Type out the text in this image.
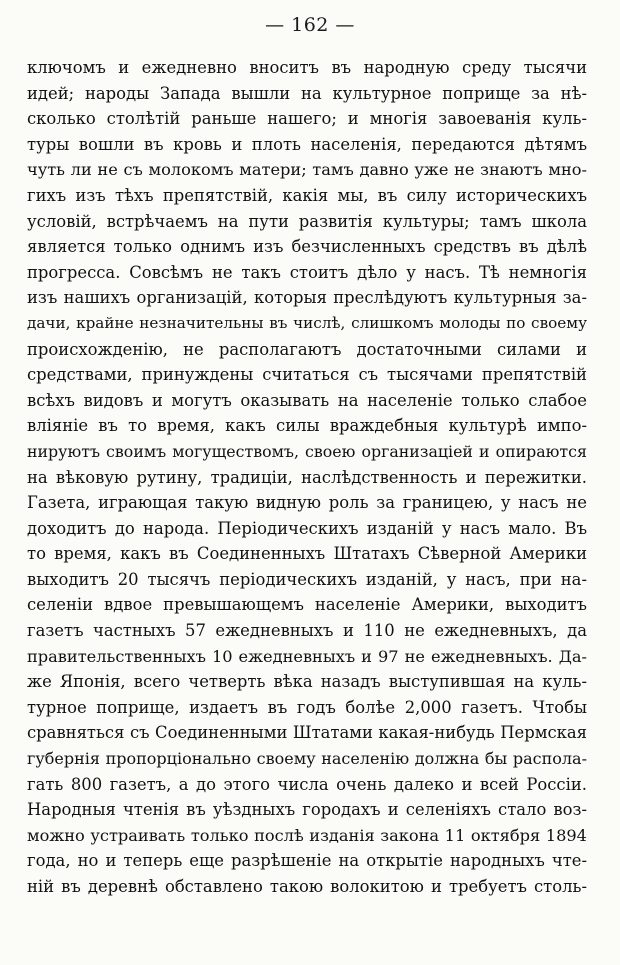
— 162 —
ключомъ и ежедневно вноситъ въ народную среду тысячи
идей; народы Запада вышли на культурное поприще за нѣ-
сколько столѣтій раньше нашего; и многія завоеванія куль-
туры вошли въ кровь и плоть населенія, передаются дѣтямъ
чуть ли не съ молокомъ матери; тамъ давно уже не знаютъ мно-
гихъ изъ тѣхъ препятствій, какія мы, въ силу историческихъ
условій, встрѣчаемъ на пути развитія культуры; тамъ школа
является только однимъ изъ безчисленныхъ средствъ въ дѣлѣ
прогресса. Совсѣмъ не такъ стоитъ дѣло у насъ. Тѣ немногія
изъ нашихъ организацій, которыя преслѣдуютъ культурныя за-
дачи, крайне незначительны въ числѣ, слишкомъ молоды по своему
происхожденію, не располагаютъ достаточными силами и
средствами, принуждены считаться съ тысячами препятствій
всѣхъ видовъ и могутъ оказывать на населеніе только слабое
вліяніе въ то время, какъ силы враждебныя культурѣ импо-
нируютъ своимъ могуществомъ, своею организаціей и опираются
на вѣковую рутину, традиціи, наслѣдственность и пережитки.
Газета, играющая такую видную роль за границею, у насъ не
доходитъ до народа. Періодическихъ изданій у насъ мало. Въ
то время, какъ въ Соединенныхъ Штатахъ Сѣверной Америки
выходитъ 20 тысячъ періодическихъ изданій, у насъ, при на-
селеніи вдвое превышающемъ населеніе Америки, выходитъ
газетъ частныхъ 57 ежедневныхъ и 110 не ежедневныхъ, да
правительственныхъ 10 ежедневныхъ и 97 не ежедневныхъ. Да-
же Японія, всего четверть вѣка назадъ выступившая на куль-
турное поприще, издаетъ въ годъ болѣе 2,000 газетъ. Чтобы
сравняться съ Соединенными Штатами какая-нибудь Пермская
губернія пропорціонально своему населенію должна бы распола-
гать 800 газетъ, а до этого числа очень далеко и всей Россіи.
Народныя чтенія въ уѣздныхъ городахъ и селеніяхъ стало воз-
можно устраивать только послѣ изданія закона 11 октября 1894
года, но и теперь еще разрѣшеніе на открытіе народныхъ чте-
ній въ деревнѣ обставлено такою волокитою и требуетъ столь-
